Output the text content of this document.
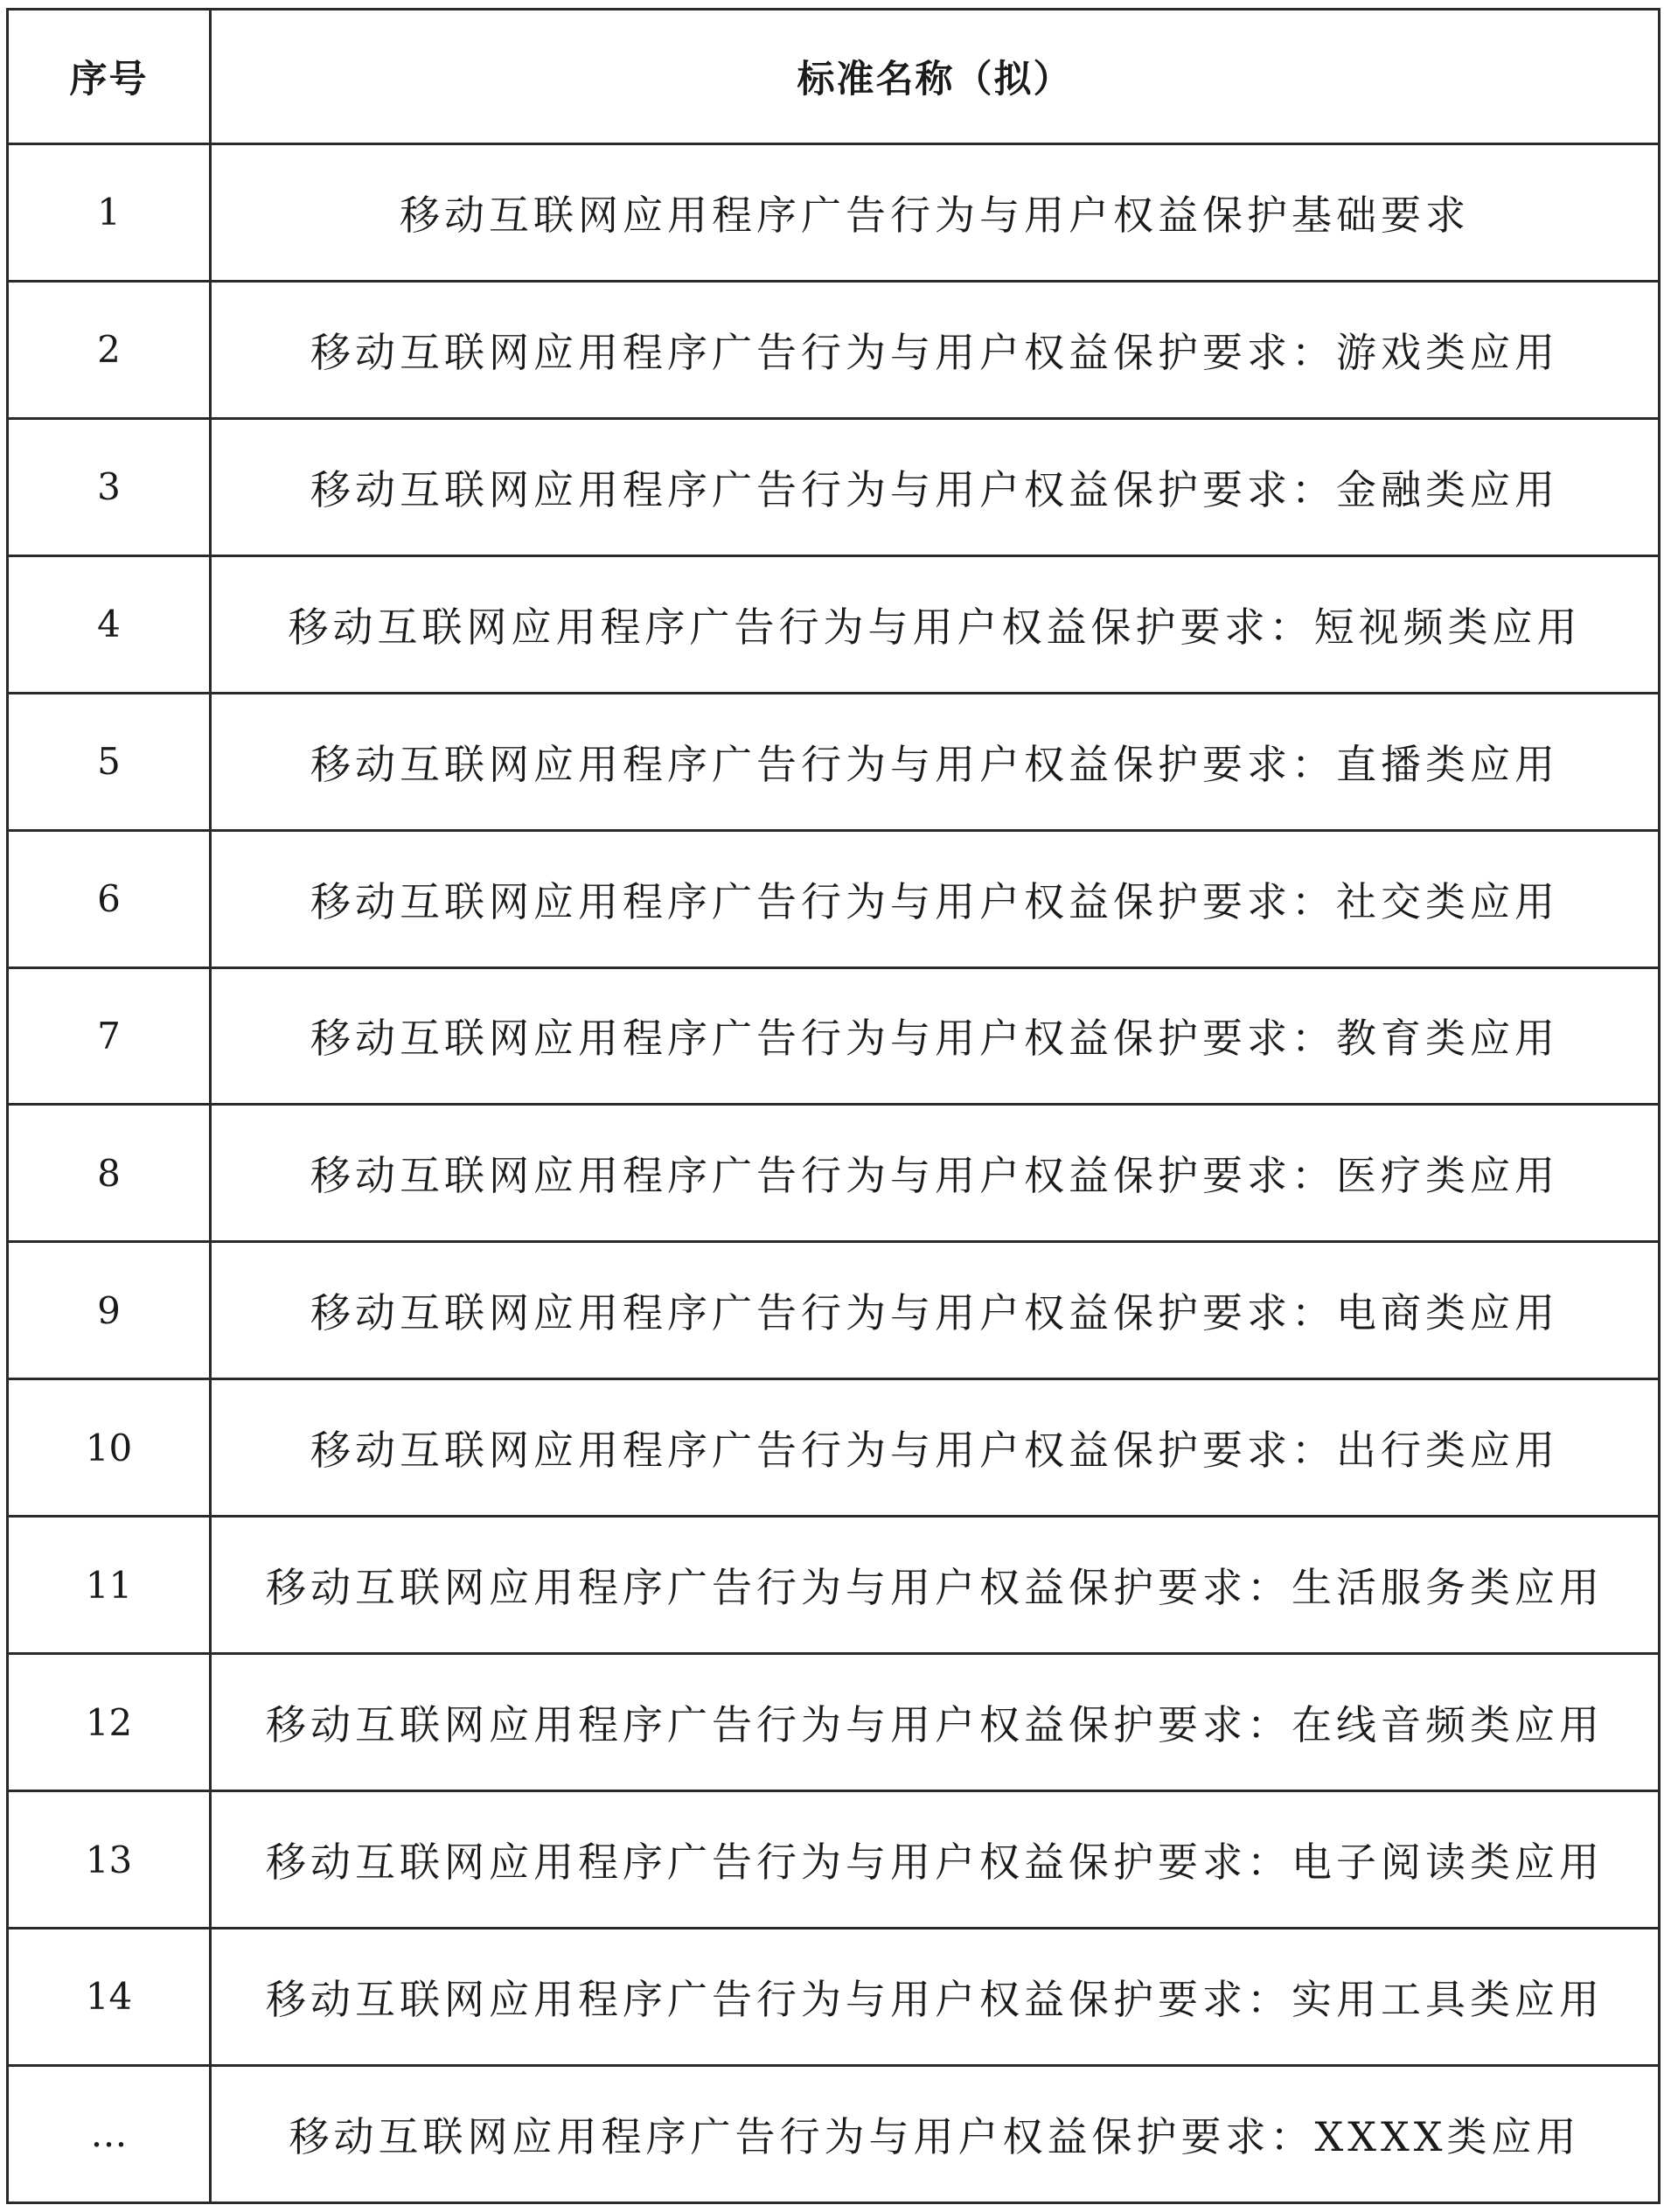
序号	标准名称（拟）
1	移动互联网应用程序广告行为与用户权益保护基础要求
2	移动互联网应用程序广告行为与用户权益保护要求：游戏类应用
3	移动互联网应用程序广告行为与用户权益保护要求：金融类应用
4	移动互联网应用程序广告行为与用户权益保护要求：短视频类应用
5	移动互联网应用程序广告行为与用户权益保护要求：直播类应用
6	移动互联网应用程序广告行为与用户权益保护要求：社交类应用
7	移动互联网应用程序广告行为与用户权益保护要求：教育类应用
8	移动互联网应用程序广告行为与用户权益保护要求：医疗类应用
9	移动互联网应用程序广告行为与用户权益保护要求：电商类应用
10	移动互联网应用程序广告行为与用户权益保护要求：出行类应用
11	移动互联网应用程序广告行为与用户权益保护要求：生活服务类应用
12	移动互联网应用程序广告行为与用户权益保护要求：在线音频类应用
13	移动互联网应用程序广告行为与用户权益保护要求：电子阅读类应用
14	移动互联网应用程序广告行为与用户权益保护要求：实用工具类应用
…	移动互联网应用程序广告行为与用户权益保护要求：XXXX类应用
